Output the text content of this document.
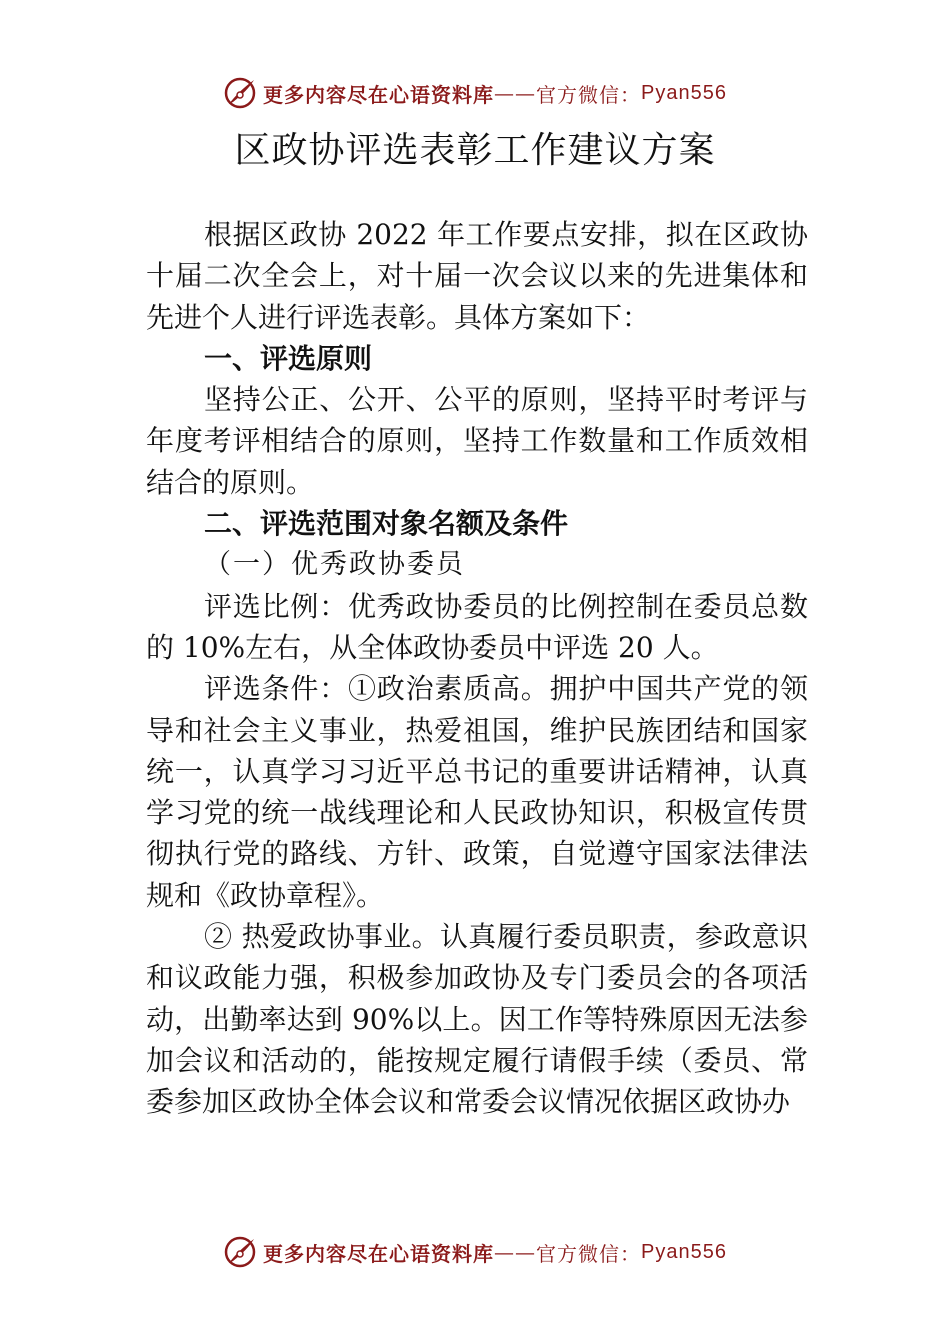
更多内容尽在心语资料库 —— 官方微信： Pyan556
区政协评选表彰工作建议方案

根据区政协 2022 年工作要点安排，拟在区政协十届二次全会上，对十届一次会议以来的先进集体和先进个人进行评选表彰。具体方案如下：

一、评选原则

坚持公正、公开、公平的原则，坚持平时考评与年度考评相结合的原则，坚持工作数量和工作质效相结合的原则。

二、评选范围对象名额及条件

（一）优秀政协委员

评选比例：优秀政协委员的比例控制在委员总数的 10%左右，从全体政协委员中评选 20 人。

评选条件：①政治素质高。拥护中国共产党的领导和社会主义事业，热爱祖国，维护民族团结和国家统一，认真学习习近平总书记的重要讲话精神，认真学习党的统一战线理论和人民政协知识，积极宣传贯彻执行党的路线、方针、政策，自觉遵守国家法律法规和《政协章程》。

② 热爱政协事业。认真履行委员职责，参政意识和议政能力强，积极参加政协及专门委员会的各项活动，出勤率达到 90%以上。因工作等特殊原因无法参加会议和活动的，能按规定履行请假手续（委员、常委参加区政协全体会议和常委会议情况依据区政协办

更多内容尽在心语资料库 —— 官方微信： Pyan556
